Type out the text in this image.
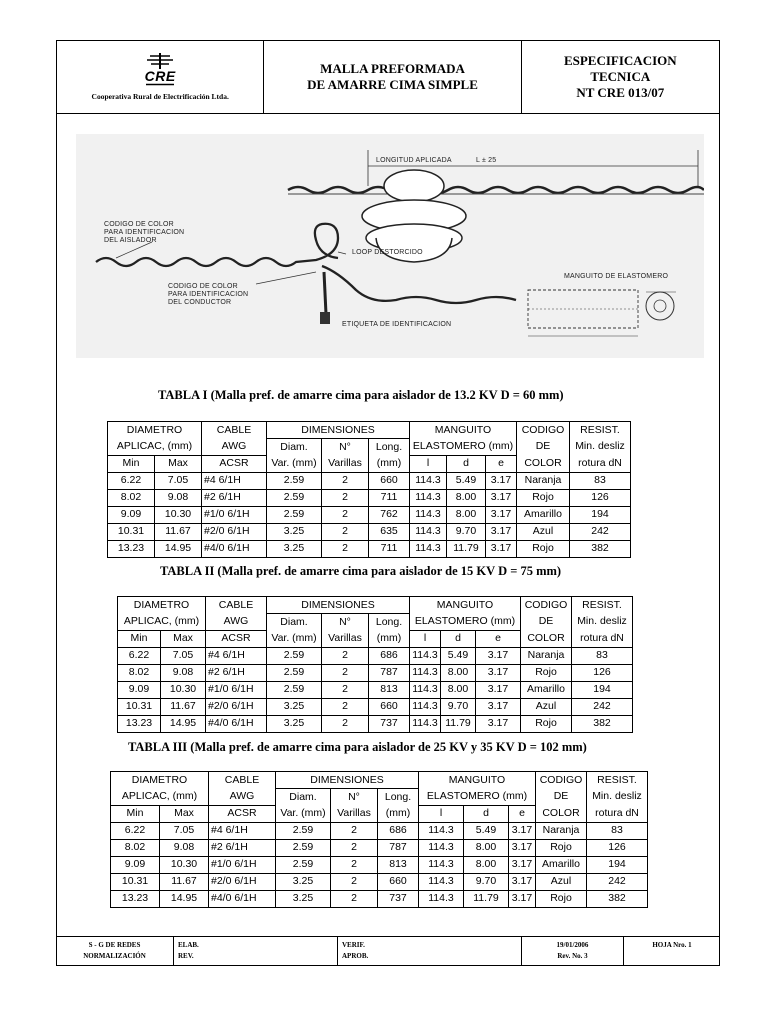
CRE
Cooperativa Rural de Electrificación Ltda.
MALLA PREFORMADA
DE AMARRE CIMA SIMPLE
ESPECIFICACION
TECNICA
NT CRE 013/07
LONGITUD APLICADA	L ± 25
CODIGO DE COLOR
PARA IDENTIFICACION
DEL AISLADOR
LOOP DESTORCIDO
CODIGO DE COLOR
PARA IDENTIFICACION
DEL CONDUCTOR
ETIQUETA DE IDENTIFICACION
MANGUITO DE ELASTOMERO
TABLA I (Malla pref. de amarre cima para aislador de 13.2 KV D = 60 mm)
DIAMETRO		CABLE	DIMENSIONES			MANGUITO			CODIGO	RESIST.
APLICAC, (mm)		AWG	Diam.	N°	Long.	ELASTOMERO (mm)			DE	Min. desliz
Min	Max	ACSR	Var. (mm)	Varillas	(mm)	l	d	e	COLOR	rotura dN
6.22	7.05	#4 6/1H	2.59	2	660	114.3	5.49	3.17	Naranja	83
8.02	9.08	#2 6/1H	2.59	2	711	114.3	8.00	3.17	Rojo	126
9.09	10.30	#1/0 6/1H	2.59	2	762	114.3	8.00	3.17	Amarillo	194
10.31	11.67	#2/0 6/1H	3.25	2	635	114.3	9.70	3.17	Azul	242
13.23	14.95	#4/0 6/1H	3.25	2	711	114.3	11.79	3.17	Rojo	382
TABLA II (Malla pref. de amarre cima para aislador de 15 KV D = 75 mm)
DIAMETRO		CABLE	DIMENSIONES			MANGUITO			CODIGO	RESIST.
APLICAC, (mm)		AWG	Diam.	N°	Long.	ELASTOMERO (mm)			DE	Min. desliz
Min	Max	ACSR	Var. (mm)	Varillas	(mm)	l	d	e	COLOR	rotura dN
6.22	7.05	#4 6/1H	2.59	2	686	114.3	5.49	3.17	Naranja	83
8.02	9.08	#2 6/1H	2.59	2	787	114.3	8.00	3.17	Rojo	126
9.09	10.30	#1/0 6/1H	2.59	2	813	114.3	8.00	3.17	Amarillo	194
10.31	11.67	#2/0 6/1H	3.25	2	660	114.3	9.70	3.17	Azul	242
13.23	14.95	#4/0 6/1H	3.25	2	737	114.3	11.79	3.17	Rojo	382
TABLA III (Malla pref. de amarre cima para aislador de 25 KV y 35 KV D = 102 mm)
DIAMETRO		CABLE	DIMENSIONES			MANGUITO			CODIGO	RESIST.
APLICAC, (mm)		AWG	Diam.	N°	Long.	ELASTOMERO (mm)			DE	Min. desliz
Min	Max	ACSR	Var. (mm)	Varillas	(mm)	l	d	e	COLOR	rotura dN
6.22	7.05	#4 6/1H	2.59	2	686	114.3	5.49	3.17	Naranja	83
8.02	9.08	#2 6/1H	2.59	2	787	114.3	8.00	3.17	Rojo	126
9.09	10.30	#1/0 6/1H	2.59	2	813	114.3	8.00	3.17	Amarillo	194
10.31	11.67	#2/0 6/1H	3.25	2	660	114.3	9.70	3.17	Azul	242
13.23	14.95	#4/0 6/1H	3.25	2	737	114.3	11.79	3.17	Rojo	382
S - G DE REDES
NORMALIZACIÓN
ELAB.
REV.
VERIF.
APROB.
19/01/2006
Rev. No. 3
HOJA Nro. 1
